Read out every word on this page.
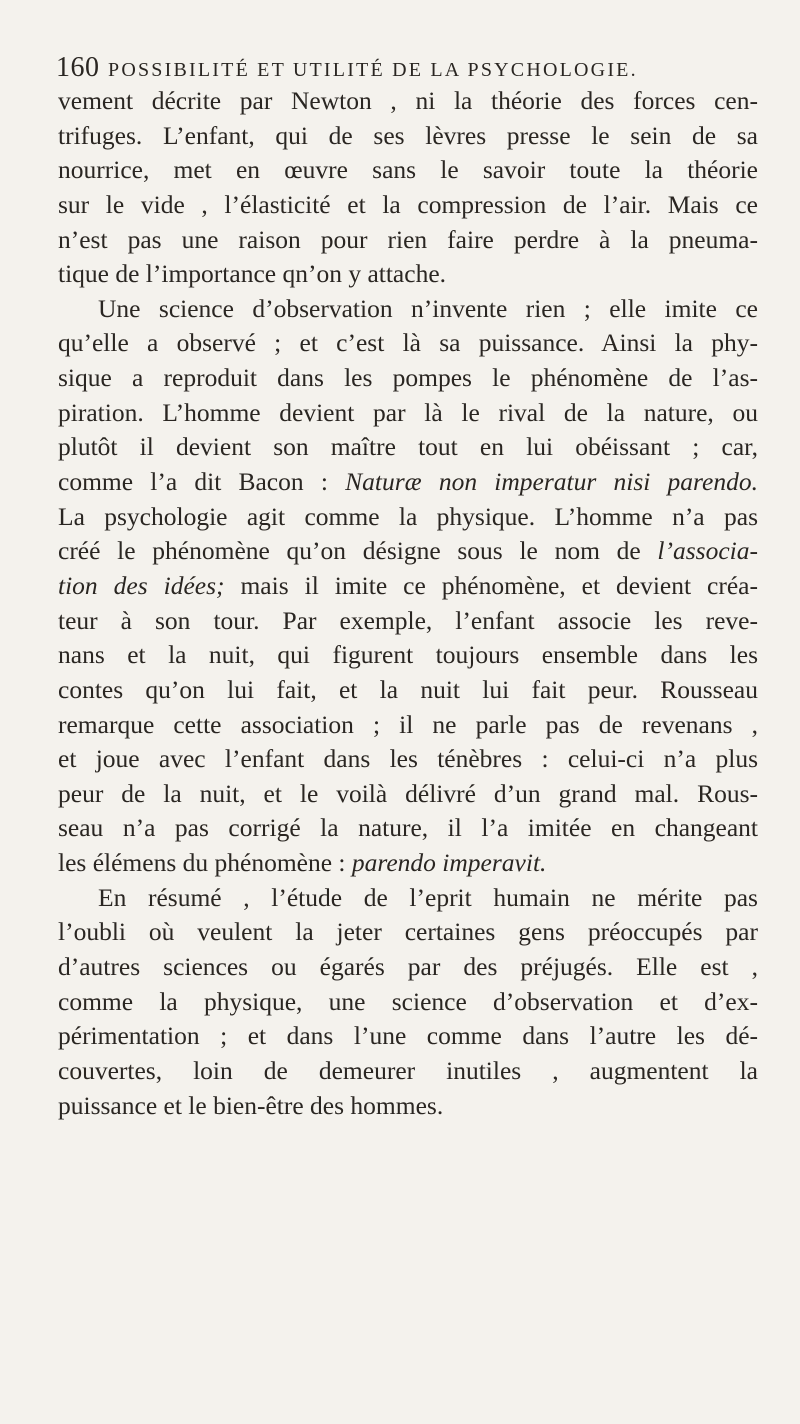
160 POSSIBILITÉ ET UTILITÉ DE LA PSYCHOLOGIE.
vement décrite par Newton , ni la théorie des forces cen-
trifuges. L’enfant, qui de ses lèvres presse le sein de sa
nourrice, met en œuvre sans le savoir toute la théorie
sur le vide , l’élasticité et la compression de l’air. Mais ce
n’est pas une raison pour rien faire perdre à la pneuma-
tique de l’importance qn’on y attache.
Une science d’observation n’invente rien ; elle imite ce
qu’elle a observé ; et c’est là sa puissance. Ainsi la phy-
sique a reproduit dans les pompes le phénomène de l’as-
piration. L’homme devient par là le rival de la nature, ou
plutôt il devient son maître tout en lui obéissant ; car,
comme l’a dit Bacon : Naturæ non imperatur nisi parendo.
La psychologie agit comme la physique. L’homme n’a pas
créé le phénomène qu’on désigne sous le nom de l’associa-
tion des idées; mais il imite ce phénomène, et devient créa-
teur à son tour. Par exemple, l’enfant associe les reve-
nans et la nuit, qui figurent toujours ensemble dans les
contes qu’on lui fait, et la nuit lui fait peur. Rousseau
remarque cette association ; il ne parle pas de revenans ,
et joue avec l’enfant dans les ténèbres : celui-ci n’a plus
peur de la nuit, et le voilà délivré d’un grand mal. Rous-
seau n’a pas corrigé la nature, il l’a imitée en changeant
les élémens du phénomène : parendo imperavit.
En résumé , l’étude de l’eprit humain ne mérite pas
l’oubli où veulent la jeter certaines gens préoccupés par
d’autres sciences ou égarés par des préjugés. Elle est ,
comme la physique, une science d’observation et d’ex-
périmentation ; et dans l’une comme dans l’autre les dé-
couvertes, loin de demeurer inutiles , augmentent la
puissance et le bien-être des hommes.
